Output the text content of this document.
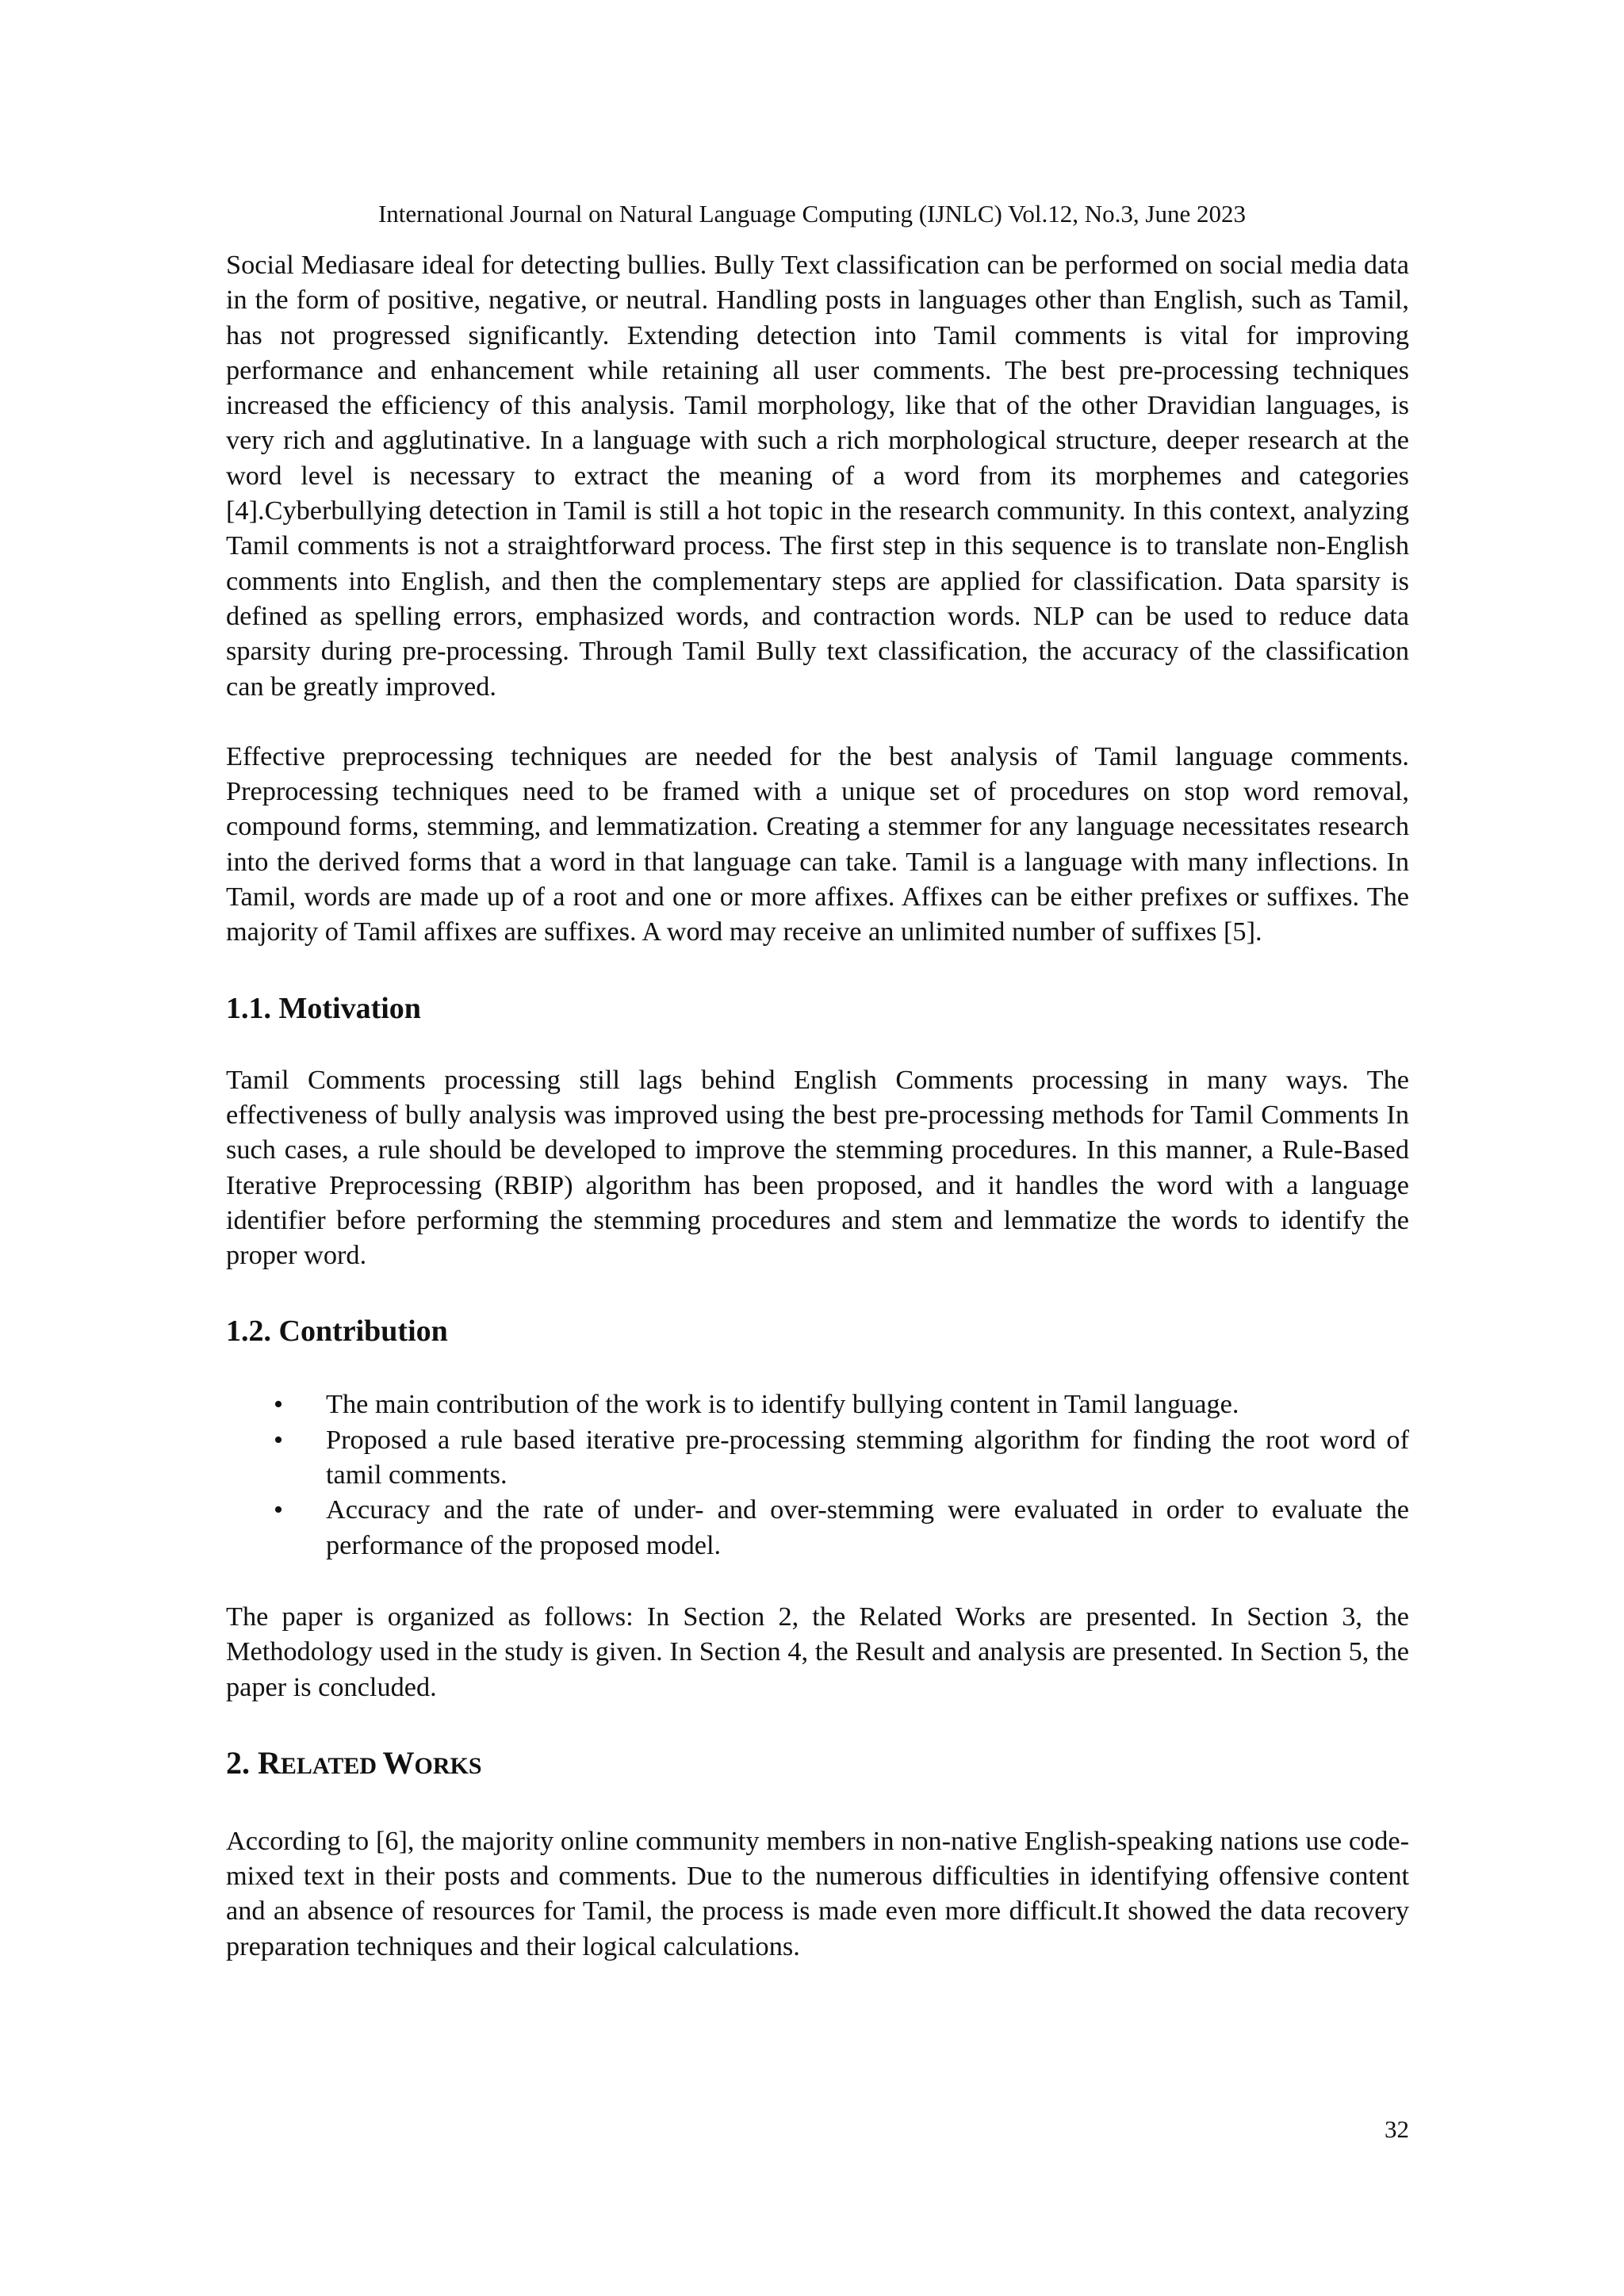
International Journal on Natural Language Computing (IJNLC) Vol.12, No.3, June 2023

Social Mediasare ideal for detecting bullies. Bully Text classification can be performed on social media data in the form of positive, negative, or neutral. Handling posts in languages other than English, such as Tamil, has not progressed significantly. Extending detection into Tamil comments is vital for improving performance and enhancement while retaining all user comments. The best pre-processing techniques increased the efficiency of this analysis. Tamil morphology, like that of the other Dravidian languages, is very rich and agglutinative. In a language with such a rich morphological structure, deeper research at the word level is necessary to extract the meaning of a word from its morphemes and categories [4].Cyberbullying detection in Tamil is still a hot topic in the research community. In this context, analyzing Tamil comments is not a straightforward process. The first step in this sequence is to translate non-English comments into English, and then the complementary steps are applied for classification. Data sparsity is defined as spelling errors, emphasized words, and contraction words. NLP can be used to reduce data sparsity during pre-processing. Through Tamil Bully text classification, the accuracy of the classification can be greatly improved.

Effective preprocessing techniques are needed for the best analysis of Tamil language comments. Preprocessing techniques need to be framed with a unique set of procedures on stop word removal, compound forms, stemming, and lemmatization. Creating a stemmer for any language necessitates research into the derived forms that a word in that language can take. Tamil is a language with many inflections. In Tamil, words are made up of a root and one or more affixes. Affixes can be either prefixes or suffixes. The majority of Tamil affixes are suffixes. A word may receive an unlimited number of suffixes [5].

1.1. Motivation

Tamil Comments processing still lags behind English Comments processing in many ways. The effectiveness of bully analysis was improved using the best pre-processing methods for Tamil Comments In such cases, a rule should be developed to improve the stemming procedures. In this manner, a Rule-Based Iterative Preprocessing (RBIP) algorithm has been proposed, and it handles the word with a language identifier before performing the stemming procedures and stem and lemmatize the words to identify the proper word.

1.2. Contribution
• The main contribution of the work is to identify bullying content in Tamil language.
• Proposed a rule based iterative pre-processing stemming algorithm for finding the root word of tamil comments.
• Accuracy and the rate of under- and over-stemming were evaluated in order to evaluate the performance of the proposed model.

The paper is organized as follows: In Section 2, the Related Works are presented. In Section 3, the Methodology used in the study is given. In Section 4, the Result and analysis are presented. In Section 5, the paper is concluded.

2. RELATED WORKS

According to [6], the majority online community members in non-native English-speaking nations use code-mixed text in their posts and comments. Due to the numerous difficulties in identifying offensive content and an absence of resources for Tamil, the process is made even more difficult.It showed the data recovery preparation techniques and their logical calculations.

32
